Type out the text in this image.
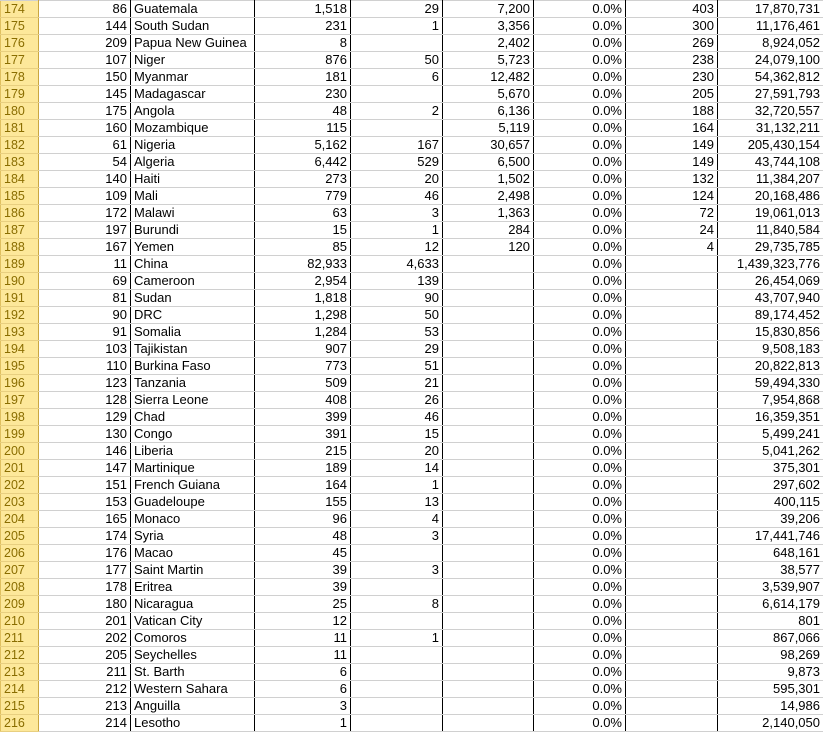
174	86	Guatemala	1,518	29	7,200	0.0%	403	17,870,731
175	144	South Sudan	231	1	3,356	0.0%	300	11,176,461
176	209	Papua New Guinea	8		2,402	0.0%	269	8,924,052
177	107	Niger	876	50	5,723	0.0%	238	24,079,100
178	150	Myanmar	181	6	12,482	0.0%	230	54,362,812
179	145	Madagascar	230		5,670	0.0%	205	27,591,793
180	175	Angola	48	2	6,136	0.0%	188	32,720,557
181	160	Mozambique	115		5,119	0.0%	164	31,132,211
182	61	Nigeria	5,162	167	30,657	0.0%	149	205,430,154
183	54	Algeria	6,442	529	6,500	0.0%	149	43,744,108
184	140	Haiti	273	20	1,502	0.0%	132	11,384,207
185	109	Mali	779	46	2,498	0.0%	124	20,168,486
186	172	Malawi	63	3	1,363	0.0%	72	19,061,013
187	197	Burundi	15	1	284	0.0%	24	11,840,584
188	167	Yemen	85	12	120	0.0%	4	29,735,785
189	11	China	82,933	4,633		0.0%		1,439,323,776
190	69	Cameroon	2,954	139		0.0%		26,454,069
191	81	Sudan	1,818	90		0.0%		43,707,940
192	90	DRC	1,298	50		0.0%		89,174,452
193	91	Somalia	1,284	53		0.0%		15,830,856
194	103	Tajikistan	907	29		0.0%		9,508,183
195	110	Burkina Faso	773	51		0.0%		20,822,813
196	123	Tanzania	509	21		0.0%		59,494,330
197	128	Sierra Leone	408	26		0.0%		7,954,868
198	129	Chad	399	46		0.0%		16,359,351
199	130	Congo	391	15		0.0%		5,499,241
200	146	Liberia	215	20		0.0%		5,041,262
201	147	Martinique	189	14		0.0%		375,301
202	151	French Guiana	164	1		0.0%		297,602
203	153	Guadeloupe	155	13		0.0%		400,115
204	165	Monaco	96	4		0.0%		39,206
205	174	Syria	48	3		0.0%		17,441,746
206	176	Macao	45			0.0%		648,161
207	177	Saint Martin	39	3		0.0%		38,577
208	178	Eritrea	39			0.0%		3,539,907
209	180	Nicaragua	25	8		0.0%		6,614,179
210	201	Vatican City	12			0.0%		801
211	202	Comoros	11	1		0.0%		867,066
212	205	Seychelles	11			0.0%		98,269
213	211	St. Barth	6			0.0%		9,873
214	212	Western Sahara	6			0.0%		595,301
215	213	Anguilla	3			0.0%		14,986
216	214	Lesotho	1			0.0%		2,140,050
